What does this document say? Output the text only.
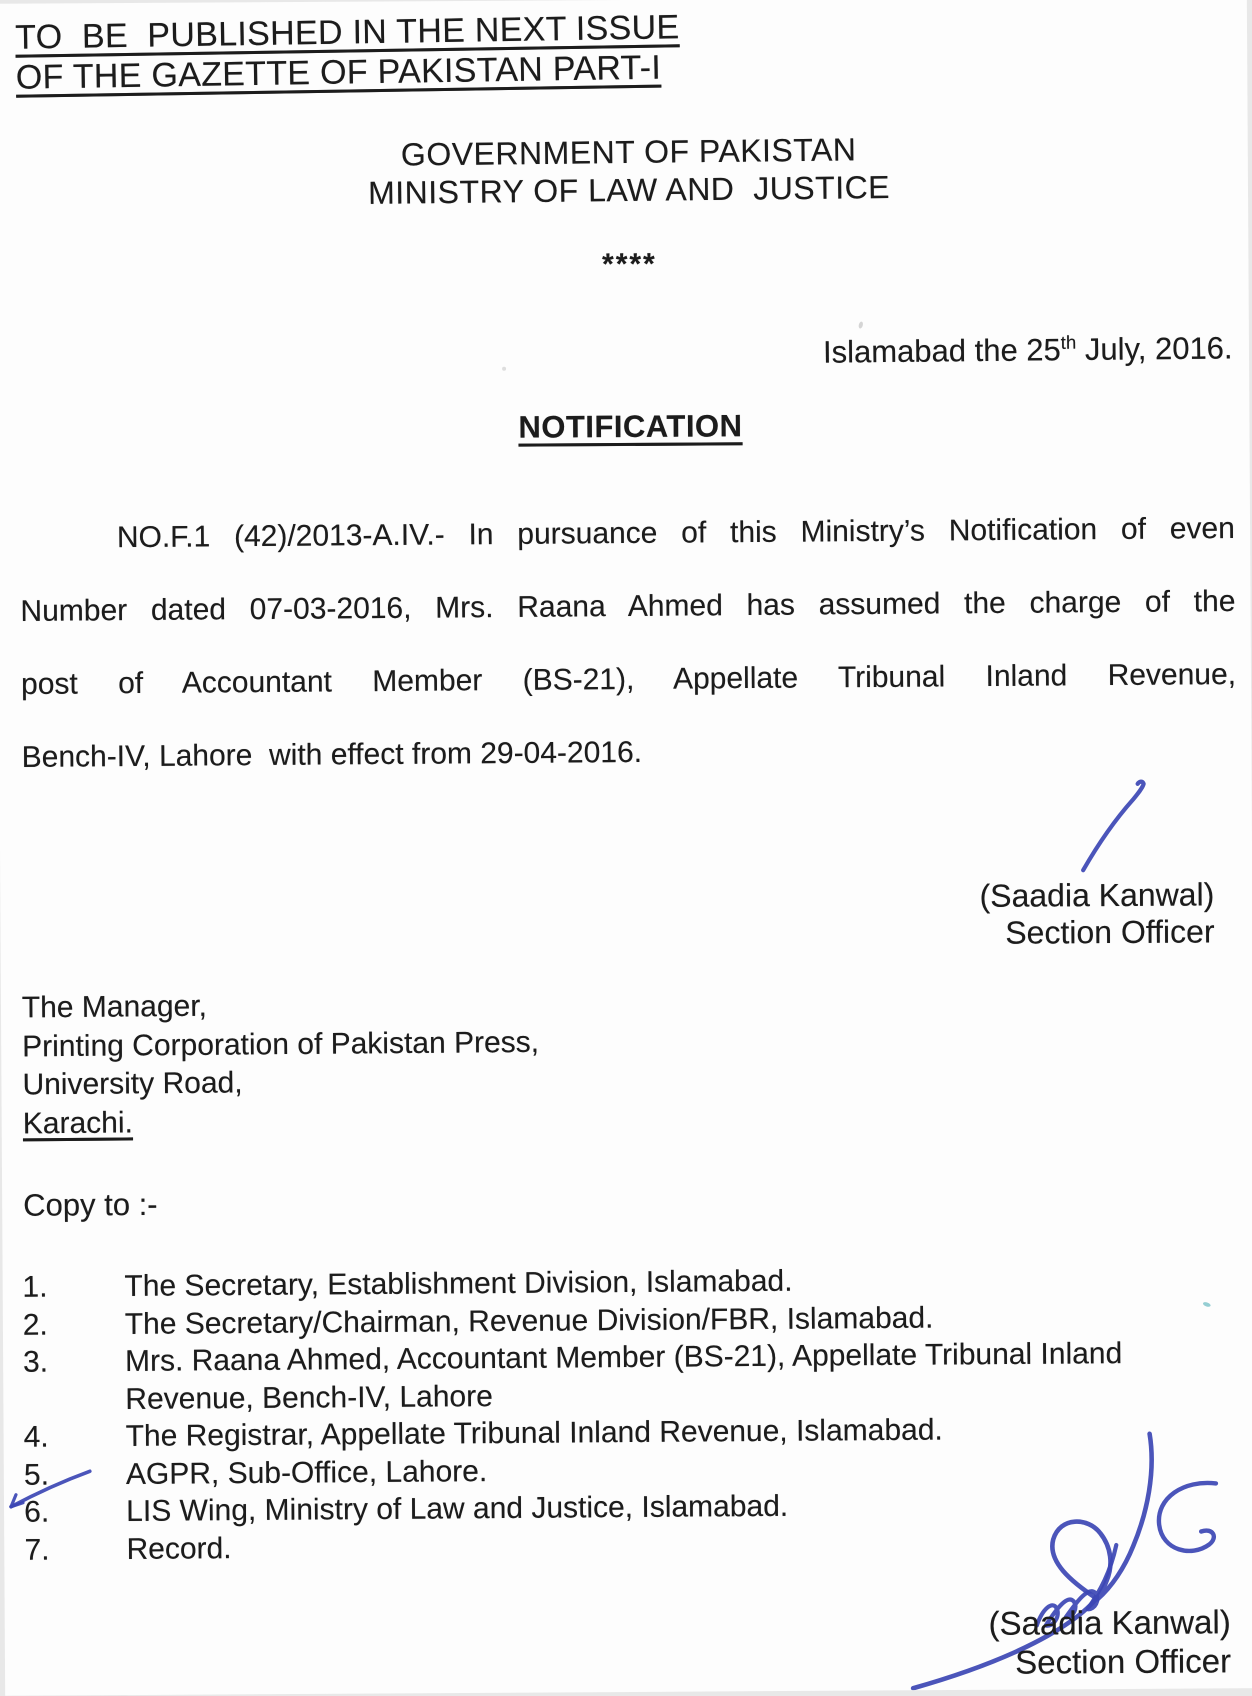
TO  BE  PUBLISHED IN THE NEXT ISSUE
OF THE GAZETTE OF PAKISTAN PART-I
GOVERNMENT OF PAKISTAN
MINISTRY OF LAW AND  JUSTICE
****
Islamabad the 25th July, 2016.
NOTIFICATION
NO.F.1 (42)/2013-A.IV.- In pursuance of this Ministry’s Notification of even
Number dated 07-03-2016, Mrs. Raana Ahmed has assumed the charge of the
post of Accountant Member (BS-21), Appellate Tribunal Inland Revenue,
Bench-IV, Lahore  with effect from 29-04-2016.
(Saadia Kanwal)
Section Officer
The Manager,
Printing Corporation of Pakistan Press,
University Road,
Karachi.
Copy to :-
1.	The Secretary, Establishment Division, Islamabad.
2.	The Secretary/Chairman, Revenue Division/FBR, Islamabad.
3.	Mrs. Raana Ahmed, Accountant Member (BS-21), Appellate Tribunal Inland Revenue, Bench-IV, Lahore
4.	The Registrar, Appellate Tribunal Inland Revenue, Islamabad.
5.	AGPR, Sub-Office, Lahore.
6.	LIS Wing, Ministry of Law and Justice, Islamabad.
7.	Record.
(Saadia Kanwal)
Section Officer
